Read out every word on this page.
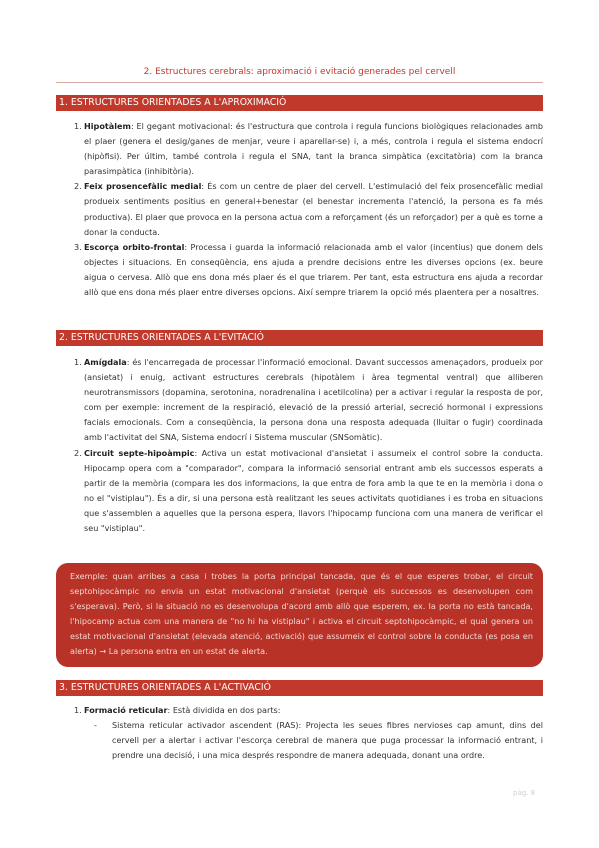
2. Estructures cerebrals: aproximació i evitació generades pel cervell
1. ESTRUCTURES ORIENTADES A L'APROXIMACIÓ
1. Hipotàlem: El gegant motivacional: és l'estructura que controla i regula funcions biològiques relacionades amb el plaer (genera el desig/ganes de menjar, veure i aparellar-se) i, a més, controla i regula el sistema endocrí (hipòfisi). Per últim, també controla i regula el SNA, tant la branca simpàtica (excitatòria) com la branca parasimpàtica (inhibitòria).
2. Feix prosencefàlic medial: És com un centre de plaer del cervell. L'estimulació del feix prosencefàlic medial produeix sentiments positius en general+benestar (el benestar incrementa l'atenció, la persona es fa més productiva). El plaer que provoca en la persona actua com a reforçament (és un reforçador) per a què es torne a donar la conducta.
3. Escorça orbito-frontal: Processa i guarda la informació relacionada amb el valor (incentius) que donem dels objectes i situacions. En conseqüència, ens ajuda a prendre decisions entre les diverses opcions (ex. beure aigua o cervesa. Allò que ens dona més plaer és el que triarem. Per tant, esta estructura ens ajuda a recordar allò que ens dona més plaer entre diverses opcions. Així sempre triarem la opció més plaentera per a nosaltres.
2. ESTRUCTURES ORIENTADES A L'EVITACIÓ
1. Amígdala: és l'encarregada de processar l'informació emocional. Davant successos amenaçadors, produeix por (ansietat) i enuig, activant estructures cerebrals (hipotàlem i àrea tegmental ventral) que alliberen neurotransmissors (dopamina, serotonina, noradrenalina i acetilcolina) per a activar i regular la resposta de por, com per exemple: increment de la respiració, elevació de la pressió arterial, secreció hormonal i expressions facials emocionals. Com a conseqüència, la persona dona una resposta adequada (lluitar o fugir) coordinada amb l'activitat del SNA, Sistema endocrí i Sistema muscular (SNSomàtic).
2. Circuit septe-hipoàmpic: Activa un estat motivacional d'ansietat i assumeix el control sobre la conducta. Hipocamp opera com a "comparador", compara la informació sensorial entrant amb els successos esperats a partir de la memòria (compara les dos informacions, la que entra de fora amb la que te en la memòria i dona o no el "vistiplau"). És a dir, si una persona està realitzant les seues activitats quotidianes i es troba en situacions que s'assemblen a aquelles que la persona espera, llavors l'hipocamp funciona com una manera de verificar el seu "vistiplau".
Exemple: quan arribes a casa i trobes la porta principal tancada, que és el que esperes trobar, el circuit septohipocàmpic no envia un estat motivacional d'ansietat (perquè els successos es desenvolupen com s'esperava). Però, si la situació no es desenvolupa d'acord amb allò que esperem, ex. la porta no està tancada, l'hipocamp actua com una manera de "no hi ha vistiplau" i activa el circuit septohipocàmpic, el qual genera un estat motivacional d'ansietat (elevada atenció, activació) que assumeix el control sobre la conducta (es posa en alerta) → La persona entra en un estat de alerta.
3. ESTRUCTURES ORIENTADES A L'ACTIVACIÓ
1. Formació reticular: Està dividida en dos parts:
- Sistema reticular activador ascendent (RAS): Projecta les seues fibres nervioses cap amunt, dins del cervell per a alertar i activar l'escorça cerebral de manera que puga processar la informació entrant, i prendre una decisió, i una mica després respondre de manera adequada, donant una ordre.
pàg. 8
